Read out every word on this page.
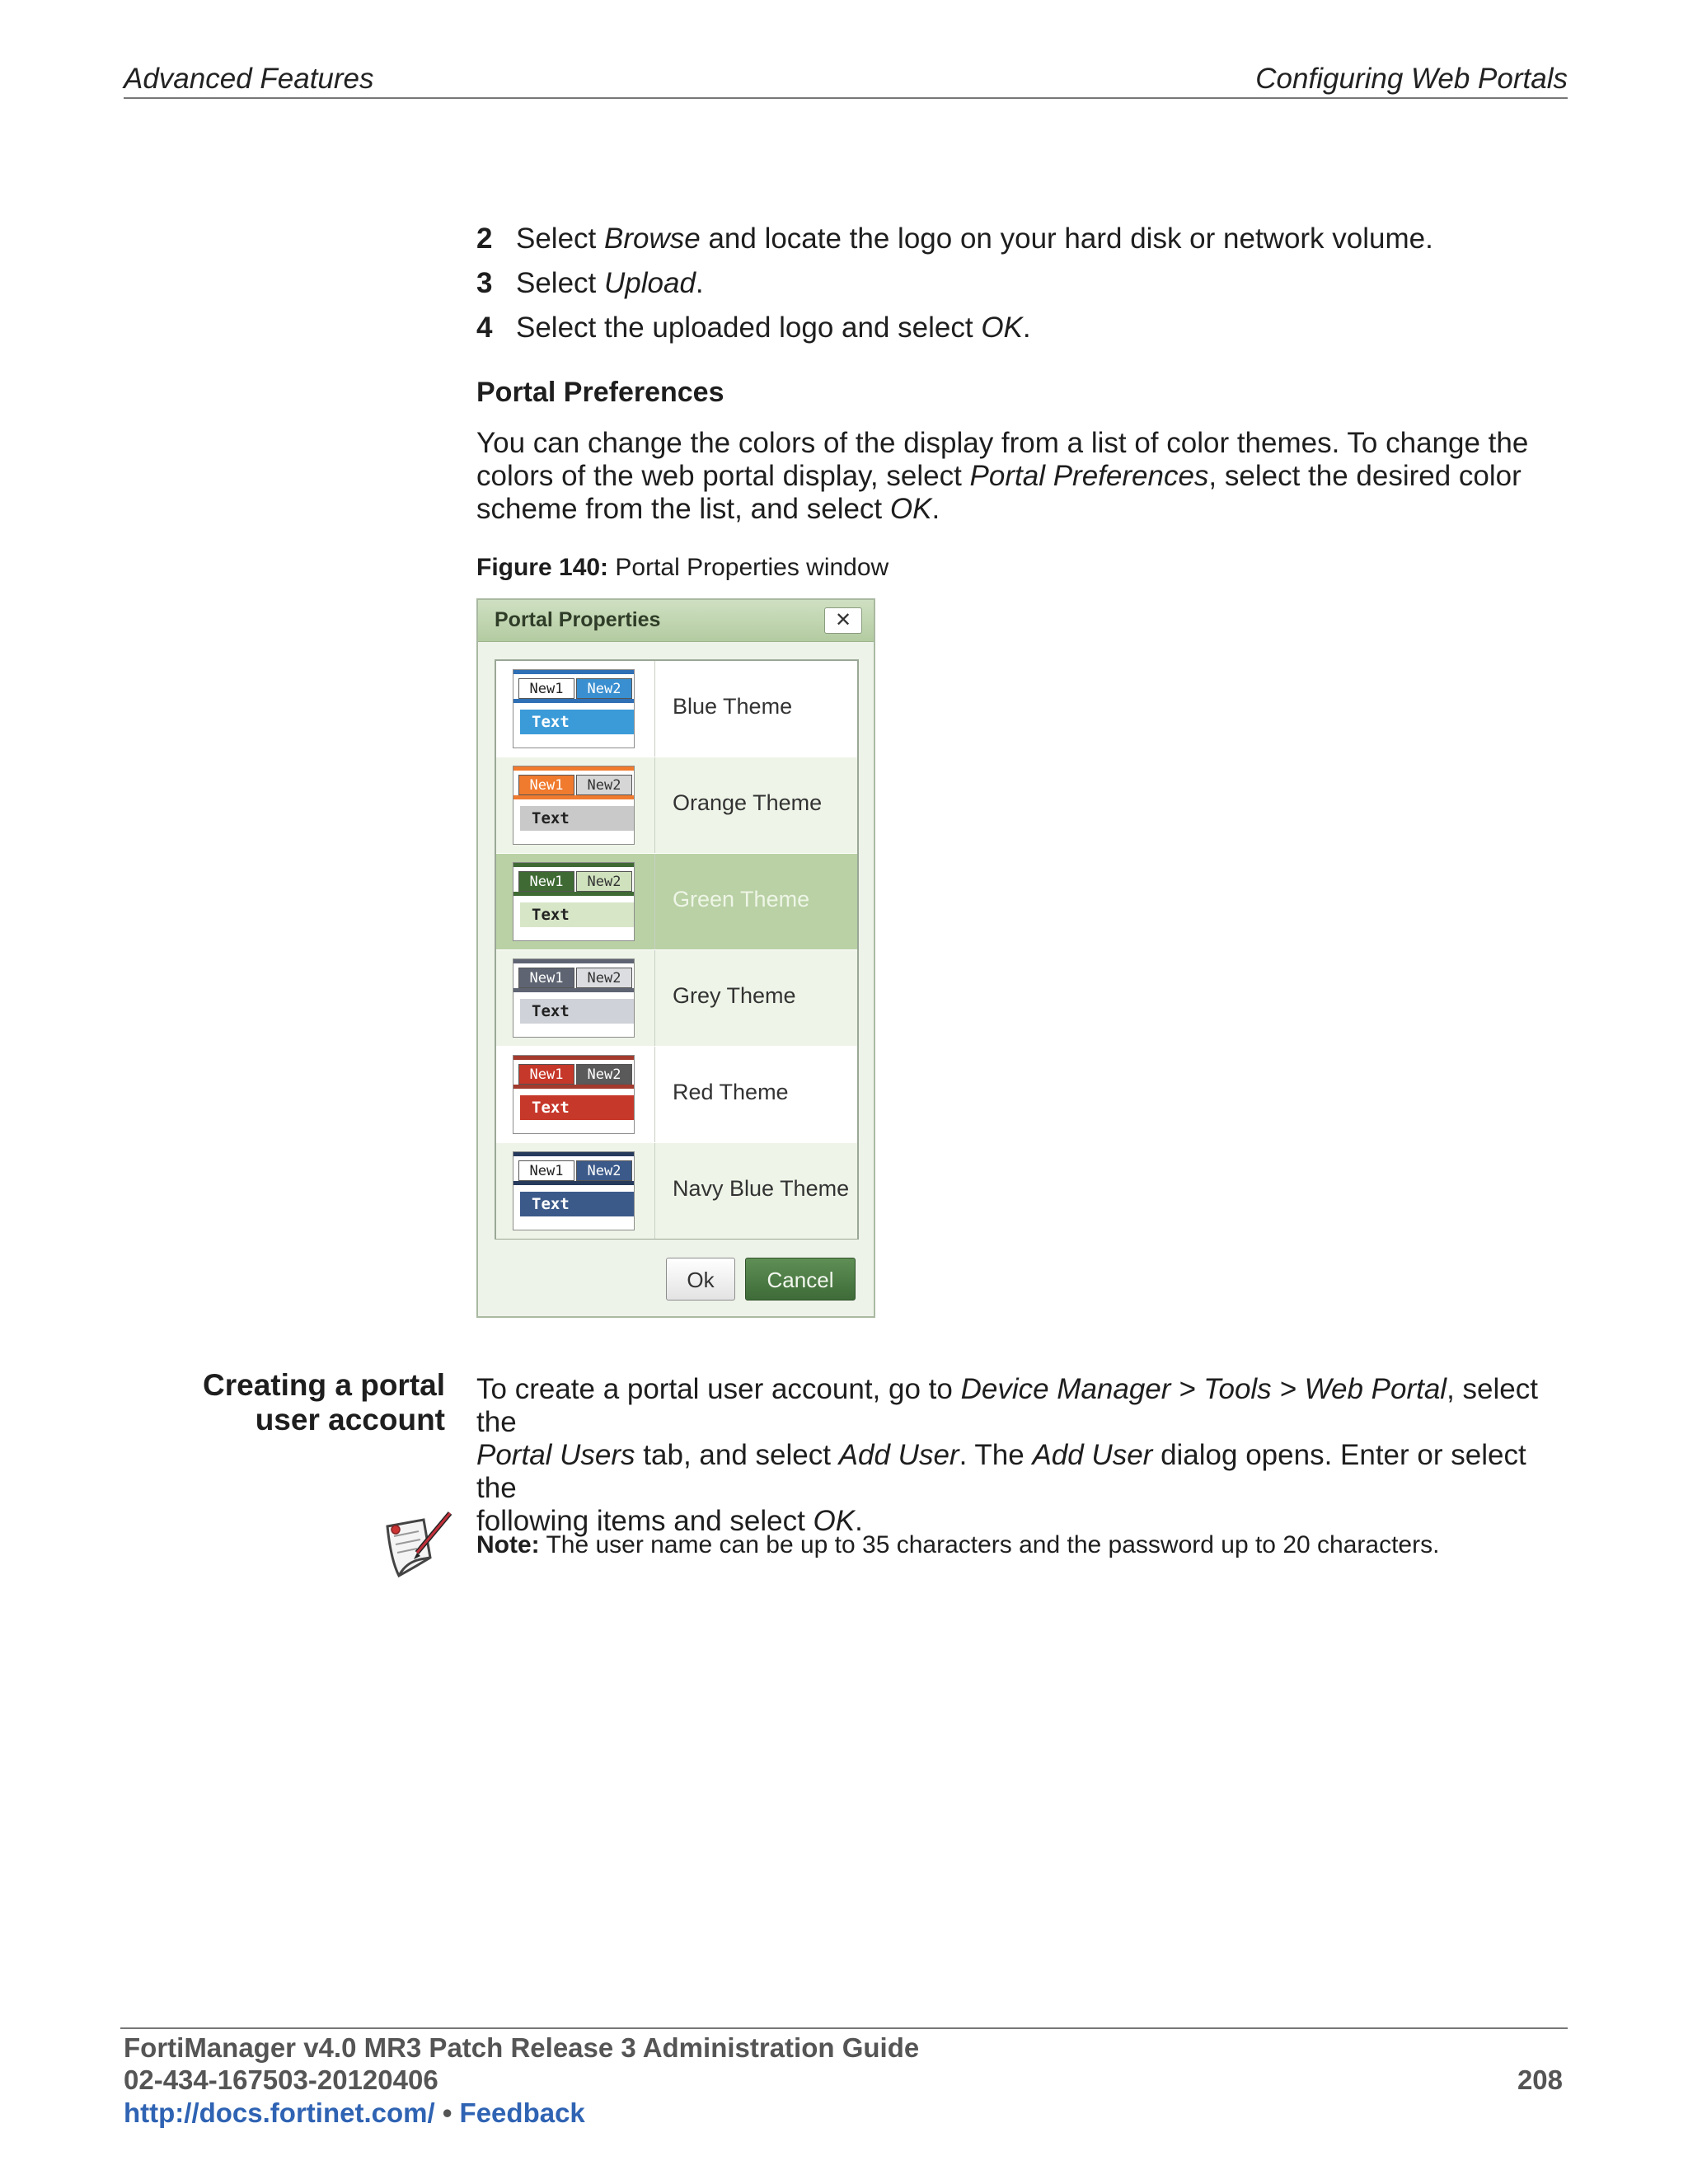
Advanced Features	Configuring Web Portals
2 Select Browse and locate the logo on your hard disk or network volume.
3 Select Upload.
4 Select the uploaded logo and select OK.
Portal Preferences
You can change the colors of the display from a list of color themes. To change the
colors of the web portal display, select Portal Preferences, select the desired color
scheme from the list, and select OK.
Figure 140: Portal Properties window
Portal Properties	✕
New1	New2
Text
Blue Theme
New1	New2
Text
Orange Theme
New1	New2
Text
Green Theme
New1	New2
Text
Grey Theme
New1	New2
Text
Red Theme
New1	New2
Text
Navy Blue Theme
Ok	Cancel
Creating a portal
user account
To create a portal user account, go to Device Manager > Tools > Web Portal, select the
Portal Users tab, and select Add User. The Add User dialog opens. Enter or select the
following items and select OK.
Note: The user name can be up to 35 characters and the password up to 20 characters.
FortiManager v4.0 MR3 Patch Release 3 Administration Guide
02-434-167503-20120406
http://docs.fortinet.com/ • Feedback
208
